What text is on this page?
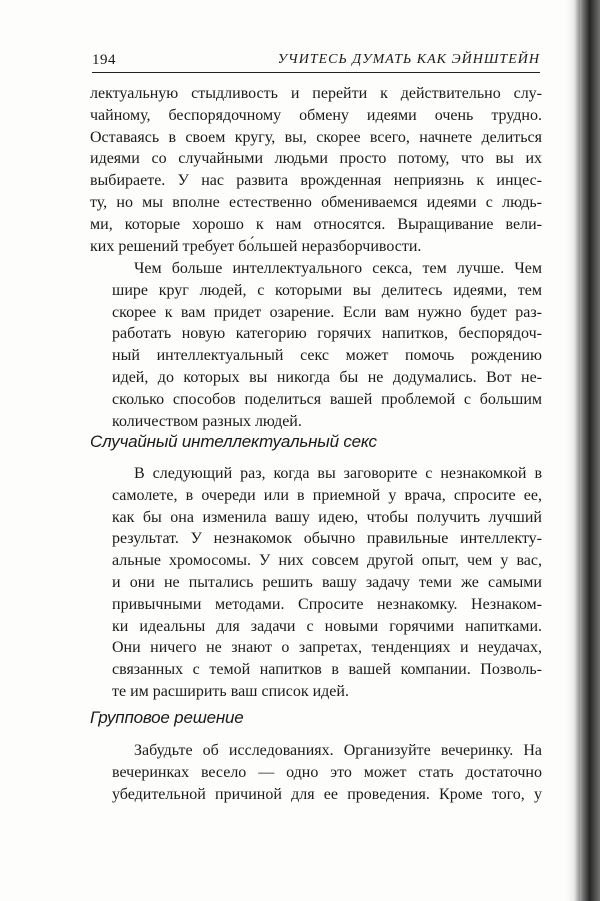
194	УЧИТЕСЬ ДУМАТЬ КАК ЭЙНШТЕЙН

лектуальную стыдливость и перейти к действительно слу-
чайному, беспорядочному обмену идеями очень трудно.
Оставаясь в своем кругу, вы, скорее всего, начнете делиться
идеями со случайными людьми просто потому, что вы их
выбираете. У нас развита врожденная неприязнь к инцес-
ту, но мы вполне естественно обмениваемся идеями с людь-
ми, которые хорошо к нам относятся. Выращивание вели-
ких решений требует бо́льшей неразборчивости.

Чем больше интеллектуального секса, тем лучше. Чем
шире круг людей, с которыми вы делитесь идеями, тем
скорее к вам придет озарение. Если вам нужно будет раз-
работать новую категорию горячих напитков, беспорядоч-
ный интеллектуальный секс может помочь рождению
идей, до которых вы никогда бы не додумались. Вот не-
сколько способов поделиться вашей проблемой с большим
количеством разных людей.

Случайный интеллектуальный секс

В следующий раз, когда вы заговорите с незнакомкой в
самолете, в очереди или в приемной у врача, спросите ее,
как бы она изменила вашу идею, чтобы получить лучший
результат. У незнакомок обычно правильные интеллекту-
альные хромосомы. У них совсем другой опыт, чем у вас,
и они не пытались решить вашу задачу теми же самыми
привычными методами. Спросите незнакомку. Незнаком-
ки идеальны для задачи с новыми горячими напитками.
Они ничего не знают о запретах, тенденциях и неудачах,
связанных с темой напитков в вашей компании. Позволь-
те им расширить ваш список идей.

Групповое решение

Забудьте об исследованиях. Организуйте вечеринку. На
вечеринках весело — одно это может стать достаточно
убедительной причиной для ее проведения. Кроме того, у
